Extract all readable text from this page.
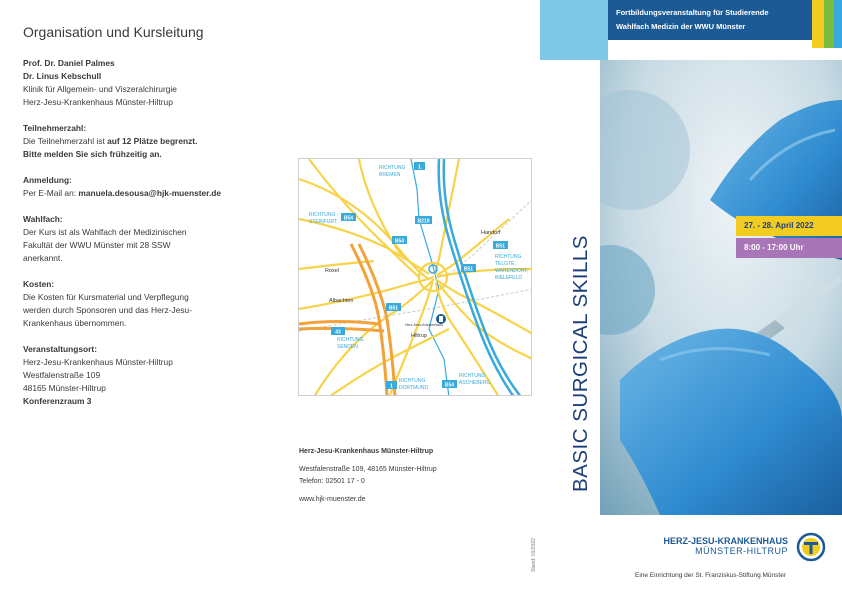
Organisation und Kursleitung
Prof. Dr. Daniel Palmes
Dr. Linus Kebschull
Klinik für Allgemein- und Viszeralchirurgie
Herz-Jesu-Krankenhaus Münster-Hiltrup
Teilnehmerzahl:
Die Teilnehmerzahl ist auf 12 Plätze begrenzt.
Bitte melden Sie sich frühzeitig an.
Anmeldung:
Per E-Mail an: manuela.desousa@hjk-muenster.de
Wahlfach:
Der Kurs ist als Wahlfach der Medizinischen
Fakultät der WWU Münster mit 28 SSW
anerkannt.
Kosten:
Die Kosten für Kursmaterial und Verpflegung
werden durch Sponsoren und das Herz-Jesu-
Krankenhaus übernommen.
Veranstaltungsort:
Herz-Jesu-Krankenhaus Münster-Hiltrup
Westfalenstraße 109
48165 Münster-Hiltrup
Konferenzraum 3
RICHTUNG
BREMEN
RICHTUNG
STEINFURT
RICHTUNG
TELGTE,
WARENDORF,
BIELEFELD
RICHTUNG
SENDEN
RICHTUNG
DORTMUND
RICHTUNG
ASCHEBERG
Handorf
Roxel
Albachten
Hiltrup
Herz-Jesu-Krankenhaus
1
B219
B54
B54
B51
B51
B51
43
1	B54
Herz-Jesu-Krankenhaus Münster-Hiltrup
Westfalenstraße 109, 48165 Münster-Hiltrup
Telefon: 02501 17 - 0
www.hjk-muenster.de
Stand: 01/2022
Fortbildungsveranstaltung für Studierende
Wahlfach Medizin der WWU Münster
BASIC SURGICAL SKILLS
27. - 28. April 2022
8:00 - 17:00 Uhr
HERZ-JESU-KRANKENHAUS
MÜNSTER-HILTRUP
Eine Einrichtung der St. Franziskus-Stiftung Münster
